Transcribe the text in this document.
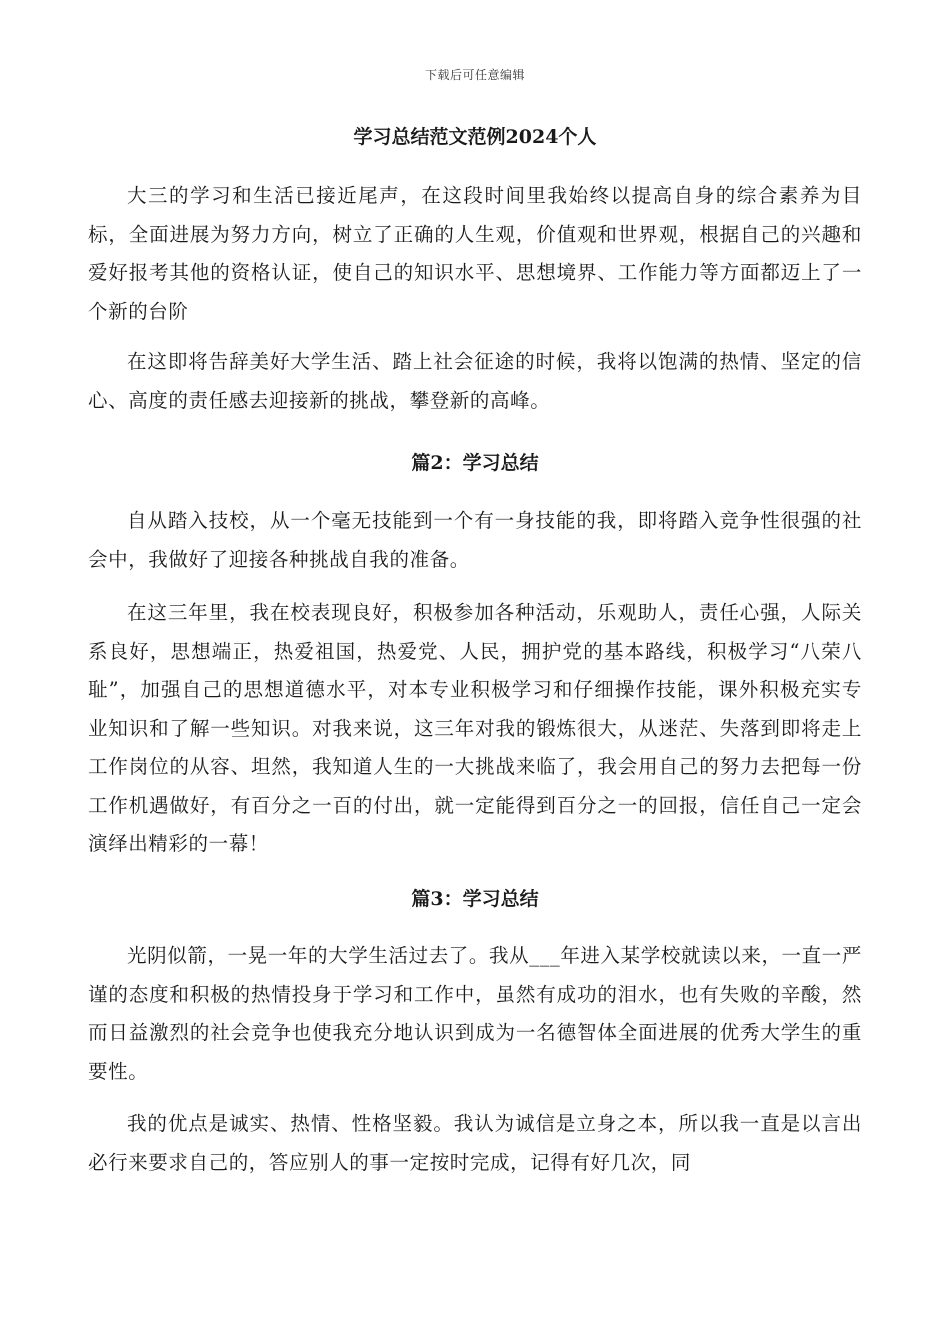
下载后可任意编辑
学习总结范文范例2024个人

大三的学习和生活已接近尾声，在这段时间里我始终以提高自身的综合素养为目标，全面进展为努力方向，树立了正确的人生观，价值观和世界观，根据自己的兴趣和爱好报考其他的资格认证，使自己的知识水平、思想境界、工作能力等方面都迈上了一个新的台阶

在这即将告辞美好大学生活、踏上社会征途的时候，我将以饱满的热情、坚定的信心、高度的责任感去迎接新的挑战，攀登新的高峰。

篇2：学习总结

自从踏入技校，从一个毫无技能到一个有一身技能的我，即将踏入竞争性很强的社会中，我做好了迎接各种挑战自我的准备。

在这三年里，我在校表现良好，积极参加各种活动，乐观助人，责任心强，人际关系良好，思想端正，热爱祖国，热爱党、人民，拥护党的基本路线，积极学习“八荣八耻”，加强自己的思想道德水平，对本专业积极学习和仔细操作技能，课外积极充实专业知识和了解一些知识。对我来说，这三年对我的锻炼很大，从迷茫、失落到即将走上工作岗位的从容、坦然，我知道人生的一大挑战来临了，我会用自己的努力去把每一份工作机遇做好，有百分之一百的付出，就一定能得到百分之一的回报，信任自己一定会演绎出精彩的一幕！

篇3：学习总结

光阴似箭，一晃一年的大学生活过去了。我从___年进入某学校就读以来，一直一严谨的态度和积极的热情投身于学习和工作中，虽然有成功的泪水，也有失败的辛酸，然而日益激烈的社会竞争也使我充分地认识到成为一名德智体全面进展的优秀大学生的重要性。

我的优点是诚实、热情、性格坚毅。我认为诚信是立身之本，所以我一直是以言出必行来要求自己的，答应别人的事一定按时完成，记得有好几次，同
